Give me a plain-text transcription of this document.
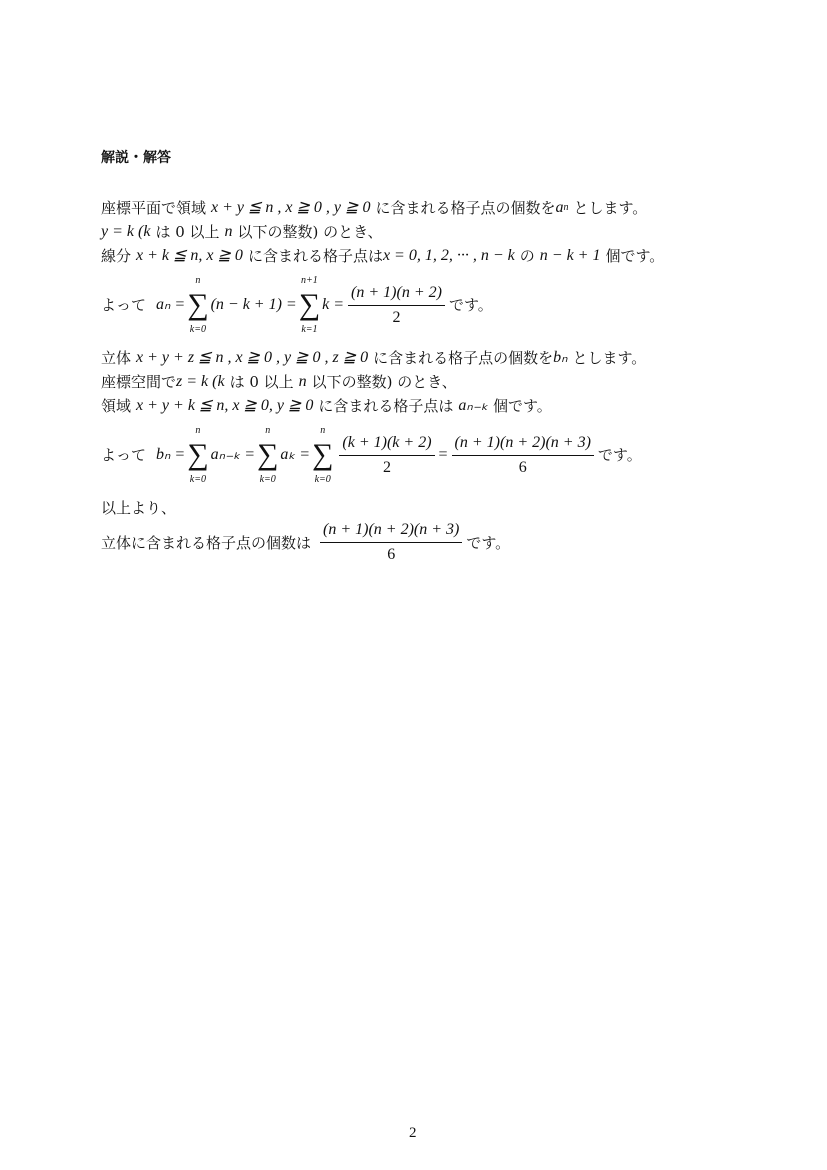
解説・解答
座標平面で領域 x + y ≦ n , x ≧ 0 , y ≧ 0 に含まれる格子点の個数を a n とします。
y = k (k は 0 以上 n 以下の整数) のとき、
線分 x + k ≦ n, x ≧ 0 に含まれる格子点は x = 0, 1, 2, ··· , n − k の n − k + 1 個です。
よって aₙ =
n
∑
k=0
(n − k + 1) =
n+1
∑
k=1
$k = \frac{(n + 1)(n + 2)}{2}$ です。
立体 x + y + z ≦ n , x ≧ 0 , y ≧ 0 , z ≧ 0 に含まれる格子点の個数を bₙ とします。
座標空間で z = k (k は 0 以上 n 以下の整数) のとき、
領域 x + y + k ≦ n, x ≧ 0, y ≧ 0 に含まれる格子点は aₙ₋ₖ 個です。
よって bₙ =
n
∑
k=0
aₙ₋ₖ =
n
∑
k=0
aₖ =
n
∑
k=0
$\frac{(k + 1)(k + 2)}{2} = \frac{(n + 1)(n + 2)(n + 3)}{6}$ です。
以上より、
立体に含まれる格子点の個数は $\frac{(n + 1)(n + 2)(n + 3)}{6}$ です。
2
